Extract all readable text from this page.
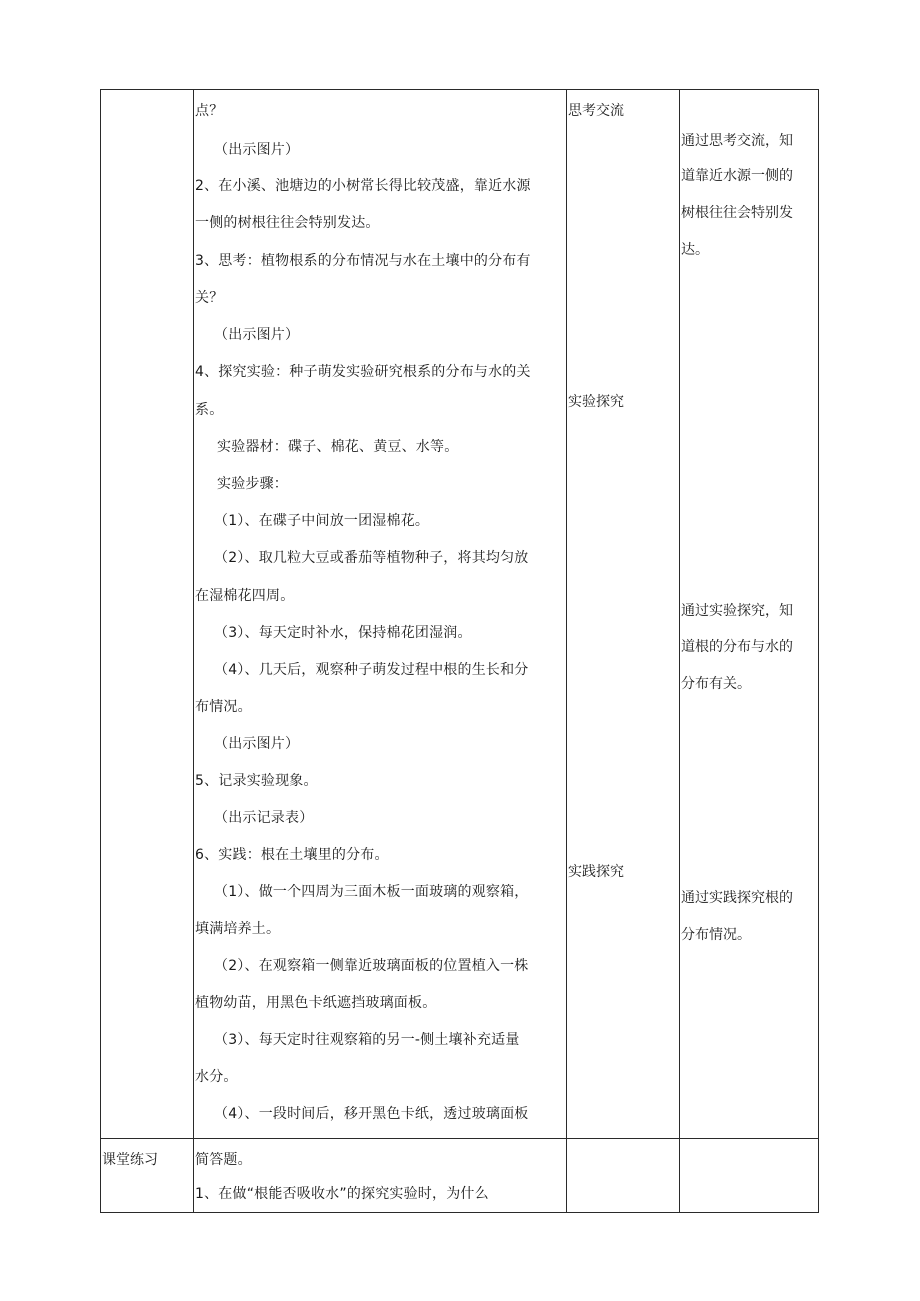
点？
（出示图片）
2、在小溪、池塘边的小树常长得比较茂盛，靠近水源
一侧的树根往往会特别发达。
3、思考：植物根系的分布情况与水在土壤中的分布有
关？
（出示图片）
4、探究实验：种子萌发实验研究根系的分布与水的关
系。
实验器材：碟子、棉花、黄豆、水等。
实验步骤：
（1）、在碟子中间放一团湿棉花。
（2）、取几粒大豆或番茄等植物种子，将其均匀放
在湿棉花四周。
（3）、每天定时补水，保持棉花团湿润。
（4）、几天后，观察种子萌发过程中根的生长和分
布情况。
（出示图片）
5、记录实验现象。
（出示记录表）
6、实践：根在土壤里的分布。
（1）、做一个四周为三面木板一面玻璃的观察箱，
填满培养土。
（2）、在观察箱一侧靠近玻璃面板的位置植入一株
植物幼苗，用黑色卡纸遮挡玻璃面板。
（3）、每天定时往观察箱的另一-侧土壤补充适量
水分。
（4）、一段时间后，移开黑色卡纸，透过玻璃面板
思考交流
实验探究
实践探究
通过思考交流，知
道靠近水源一侧的
树根往往会特别发
达。
通过实验探究，知
道根的分布与水的
分布有关。
通过实践探究根的
分布情况。
课堂练习	简答题。
1、在做“根能否吸收水”的探究实验时，为什么
